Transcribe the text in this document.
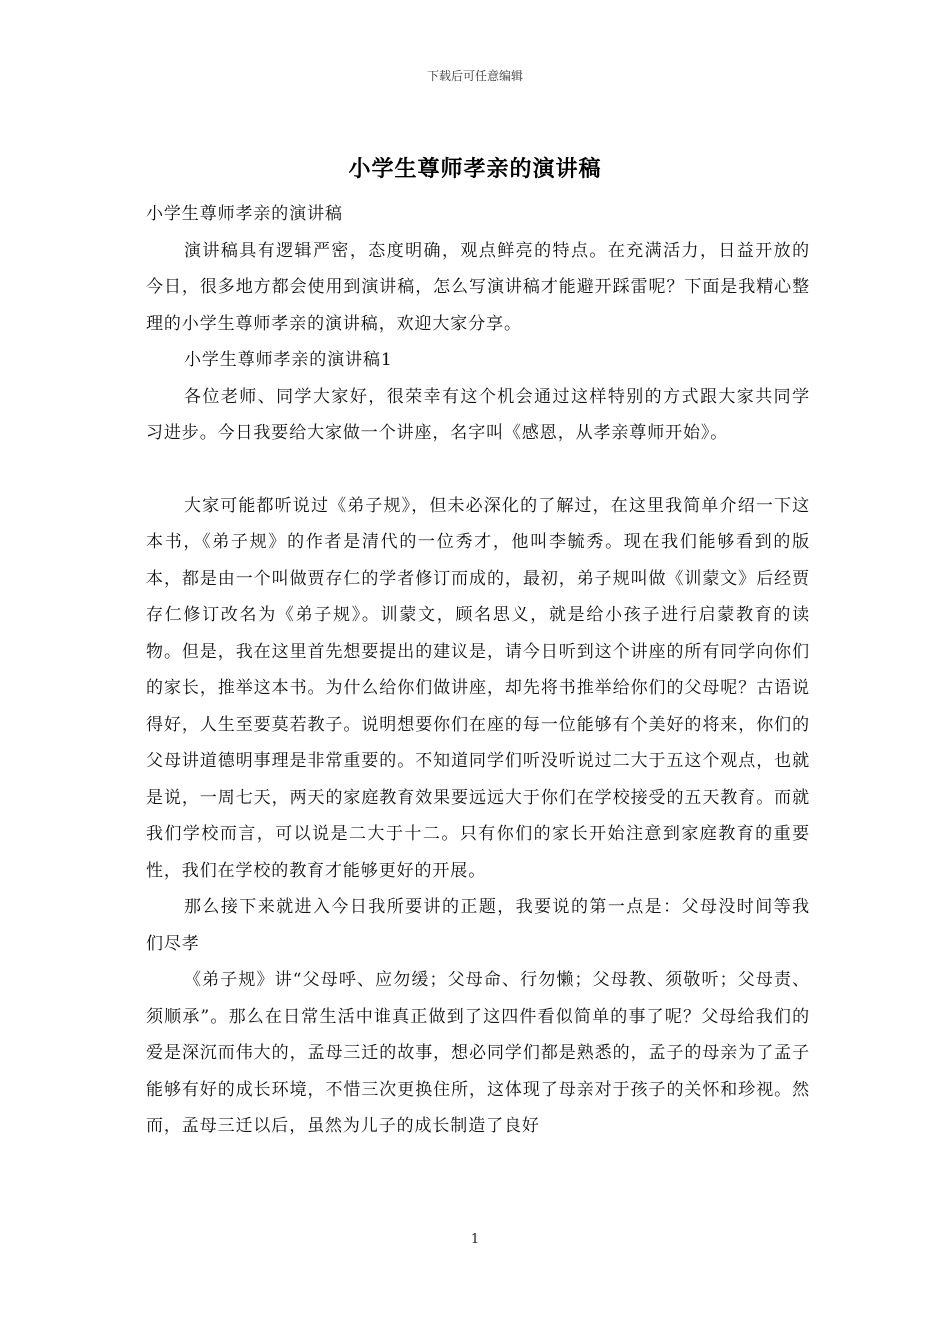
下载后可任意编辑
小学生尊师孝亲的演讲稿

小学生尊师孝亲的演讲稿

演讲稿具有逻辑严密，态度明确，观点鲜亮的特点。在充满活力，日益开放的今日，很多地方都会使用到演讲稿，怎么写演讲稿才能避开踩雷呢？下面是我精心整理的小学生尊师孝亲的演讲稿，欢迎大家分享。

小学生尊师孝亲的演讲稿1

各位老师、同学大家好，很荣幸有这个机会通过这样特别的方式跟大家共同学习进步。今日我要给大家做一个讲座，名字叫《感恩，从孝亲尊师开始》。

大家可能都听说过《弟子规》，但未必深化的了解过，在这里我简单介绍一下这本书，《弟子规》的作者是清代的一位秀才，他叫李毓秀。现在我们能够看到的版本，都是由一个叫做贾存仁的学者修订而成的，最初，弟子规叫做《训蒙文》后经贾存仁修订改名为《弟子规》。训蒙文，顾名思义，就是给小孩子进行启蒙教育的读物。但是，我在这里首先想要提出的建议是，请今日听到这个讲座的所有同学向你们的家长，推举这本书。为什么给你们做讲座，却先将书推举给你们的父母呢？古语说得好，人生至要莫若教子。说明想要你们在座的每一位能够有个美好的将来，你们的父母讲道德明事理是非常重要的。不知道同学们听没听说过二大于五这个观点，也就是说，一周七天，两天的家庭教育效果要远远大于你们在学校接受的五天教育。而就我们学校而言，可以说是二大于十二。只有你们的家长开始注意到家庭教育的重要性，我们在学校的教育才能够更好的开展。

那么接下来就进入今日我所要讲的正题，我要说的第一点是：父母没时间等我们尽孝

《弟子规》讲“父母呼、应勿缓；父母命、行勿懒；父母教、须敬听；父母责、须顺承”。那么在日常生活中谁真正做到了这四件看似简单的事了呢？父母给我们的爱是深沉而伟大的，孟母三迁的故事，想必同学们都是熟悉的，孟子的母亲为了孟子能够有好的成长环境，不惜三次更换住所，这体现了母亲对于孩子的关怀和珍视。然而，孟母三迁以后，虽然为儿子的成长制造了良好

1
